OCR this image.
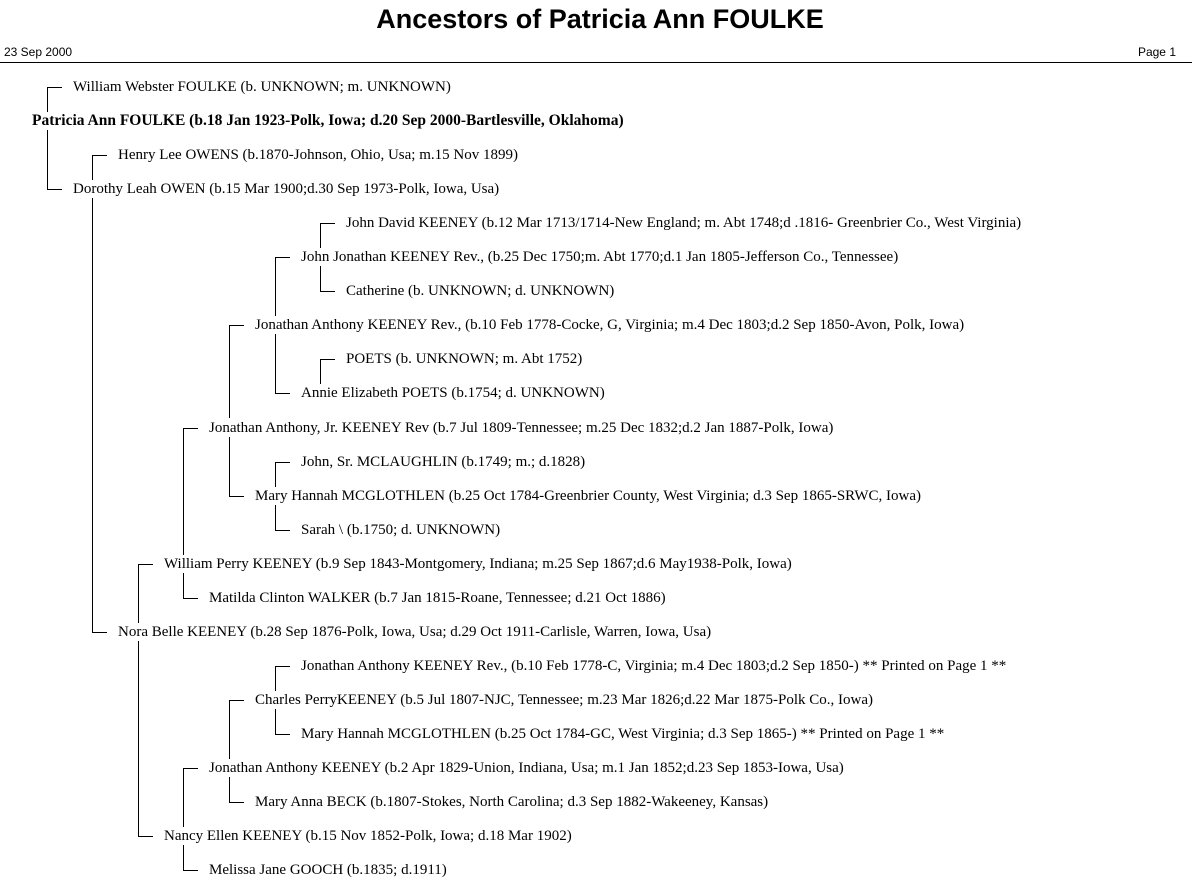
Ancestors of Patricia Ann FOULKE
23 Sep 2000	Page 1
William Webster FOULKE (b. UNKNOWN; m. UNKNOWN)
Patricia Ann FOULKE (b.18 Jan 1923-Polk, Iowa; d.20 Sep 2000-Bartlesville, Oklahoma)
Henry Lee OWENS (b.1870-Johnson, Ohio, Usa; m.15 Nov 1899)
Dorothy Leah OWEN (b.15 Mar 1900;d.30 Sep 1973-Polk, Iowa, Usa)
John David KEENEY (b.12 Mar 1713/1714-New England; m. Abt 1748;d .1816- Greenbrier Co., West Virginia)
John Jonathan KEENEY Rev., (b.25 Dec 1750;m. Abt 1770;d.1 Jan 1805-Jefferson Co., Tennessee)
Catherine (b. UNKNOWN; d. UNKNOWN)
Jonathan Anthony KEENEY Rev., (b.10 Feb 1778-Cocke, G, Virginia; m.4 Dec 1803;d.2 Sep 1850-Avon, Polk, Iowa)
POETS (b. UNKNOWN; m. Abt 1752)
Annie Elizabeth POETS (b.1754; d. UNKNOWN)
Jonathan Anthony, Jr. KEENEY Rev (b.7 Jul 1809-Tennessee; m.25 Dec 1832;d.2 Jan 1887-Polk, Iowa)
John, Sr. MCLAUGHLIN (b.1749; m.; d.1828)
Mary Hannah MCGLOTHLEN (b.25 Oct 1784-Greenbrier County, West Virginia; d.3 Sep 1865-SRWC, Iowa)
Sarah \ (b.1750; d. UNKNOWN)
William Perry KEENEY (b.9 Sep 1843-Montgomery, Indiana; m.25 Sep 1867;d.6 May1938-Polk, Iowa)
Matilda Clinton WALKER (b.7 Jan 1815-Roane, Tennessee; d.21 Oct 1886)
Nora Belle KEENEY (b.28 Sep 1876-Polk, Iowa, Usa; d.29 Oct 1911-Carlisle, Warren, Iowa, Usa)
Jonathan Anthony KEENEY Rev., (b.10 Feb 1778-C, Virginia; m.4 Dec 1803;d.2 Sep 1850-) ** Printed on Page 1 **
Charles PerryKEENEY (b.5 Jul 1807-NJC, Tennessee; m.23 Mar 1826;d.22 Mar 1875-Polk Co., Iowa)
Mary Hannah MCGLOTHLEN (b.25 Oct 1784-GC, West Virginia; d.3 Sep 1865-) ** Printed on Page 1 **
Jonathan Anthony KEENEY (b.2 Apr 1829-Union, Indiana, Usa; m.1 Jan 1852;d.23 Sep 1853-Iowa, Usa)
Mary Anna BECK (b.1807-Stokes, North Carolina; d.3 Sep 1882-Wakeeney, Kansas)
Nancy Ellen KEENEY (b.15 Nov 1852-Polk, Iowa; d.18 Mar 1902)
Melissa Jane GOOCH (b.1835; d.1911)
